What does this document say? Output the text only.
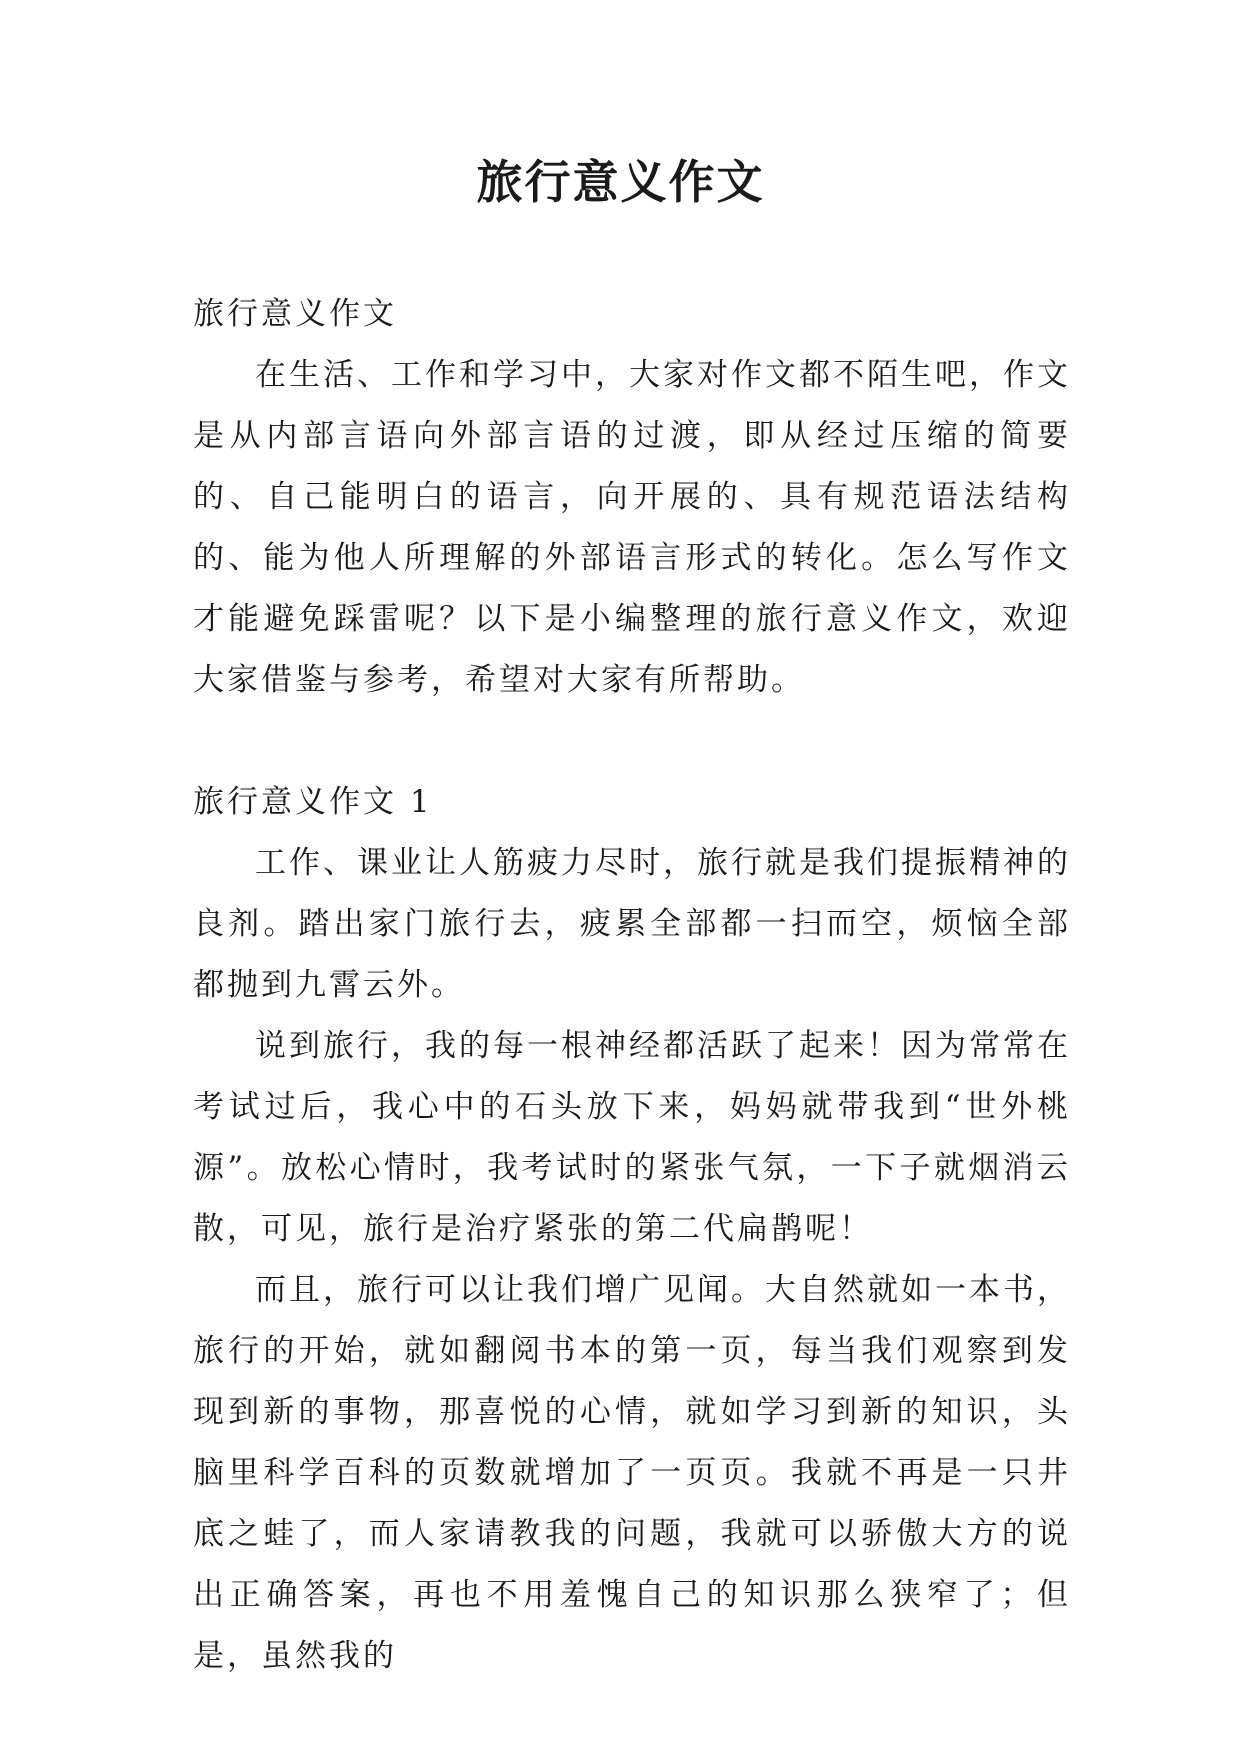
旅行意义作文

旅行意义作文

在生活、工作和学习中，大家对作文都不陌生吧，作文是从内部言语向外部言语的过渡，即从经过压缩的简要的、自己能明白的语言，向开展的、具有规范语法结构的、能为他人所理解的外部语言形式的转化。怎么写作文才能避免踩雷呢？以下是小编整理的旅行意义作文，欢迎大家借鉴与参考，希望对大家有所帮助。

旅行意义作文 1

工作、课业让人筋疲力尽时，旅行就是我们提振精神的良剂。踏出家门旅行去，疲累全部都一扫而空，烦恼全部都抛到九霄云外。

说到旅行，我的每一根神经都活跃了起来！因为常常在考试过后，我心中的石头放下来，妈妈就带我到“世外桃源”。放松心情时，我考试时的紧张气氛，一下子就烟消云散，可见，旅行是治疗紧张的第二代扁鹊呢！

而且，旅行可以让我们增广见闻。大自然就如一本书，旅行的开始，就如翻阅书本的第一页，每当我们观察到发现到新的事物，那喜悦的心情，就如学习到新的知识，头脑里科学百科的页数就增加了一页页。我就不再是一只井底之蛙了，而人家请教我的问题，我就可以骄傲大方的说出正确答案，再也不用羞愧自己的知识那么狭窄了；但是，虽然我的
